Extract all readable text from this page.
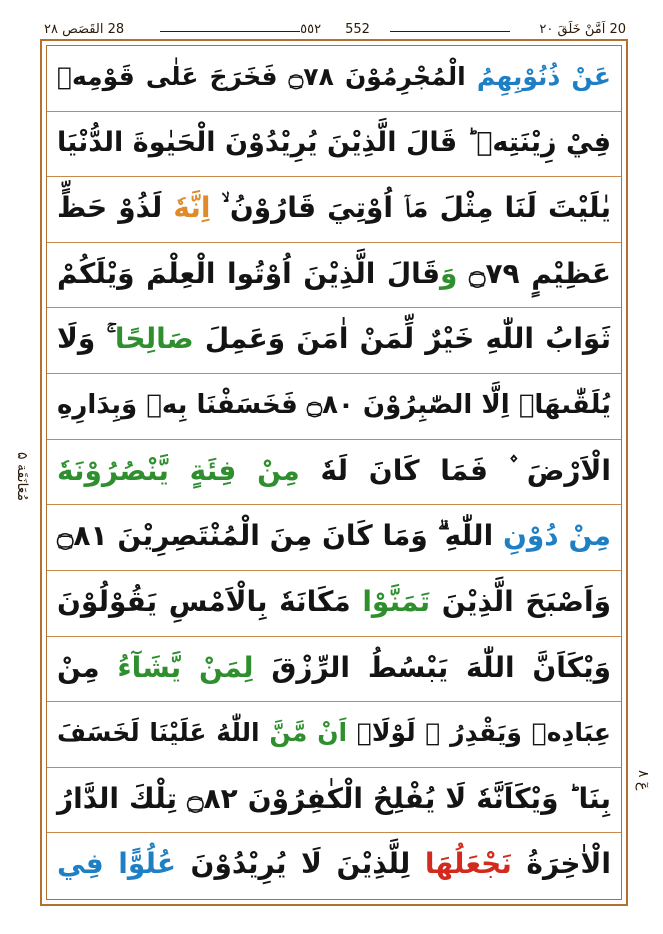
20 اَمَّنْ خَلَقَ ٢٠
٥٥٢ 552
28 القَصَص ٢٨
مُعَانَقَة ۵
عٓ ۸
عَنْ ذُنُوْبِهِمُ الْمُجْرِمُوْنَ ۝٧٨ فَخَرَجَ عَلٰى قَوْمِهٖ
فِيْ زِيْنَتِهٖ ؕ قَالَ الَّذِيْنَ يُرِيْدُوْنَ الْحَيٰوةَ الدُّنْيَا
يٰلَيْتَ لَنَا مِثْلَ مَاۤ اُوْتِيَ قَارُوْنُ ۙ اِنَّهٗ لَذُوْ حَظٍّ
عَظِيْمٍ ۝٧٩ وَقَالَ الَّذِيْنَ اُوْتُوا الْعِلْمَ وَيْلَكُمْ
ثَوَابُ اللّٰهِ خَيْرٌ لِّمَنْ اٰمَنَ وَعَمِلَ صَالِحًا ۚ وَلَا
يُلَقّٰىهَاۤ اِلَّا الصّٰبِرُوْنَ ۝٨٠ فَخَسَفْنَا بِهٖ وَبِدَارِهِ
الْاَرْضَ ۫ فَمَا كَانَ لَهٗ مِنْ فِئَةٍ يَّنْصُرُوْنَهٗ
مِنْ دُوْنِ اللّٰهِ ۗ وَمَا كَانَ مِنَ الْمُنْتَصِرِيْنَ ۝٨١
وَاَصْبَحَ الَّذِيْنَ تَمَنَّوْا مَكَانَهٗ بِالْاَمْسِ يَقُوْلُوْنَ
وَيْكَاَنَّ اللّٰهَ يَبْسُطُ الرِّزْقَ لِمَنْ يَّشَآءُ مِنْ
عِبَادِهٖ وَيَقْدِرُ ۚ لَوْلَاۤ اَنْ مَّنَّ اللّٰهُ عَلَيْنَا لَخَسَفَ
بِنَا ؕ وَيْكَاَنَّهٗ لَا يُفْلِحُ الْكٰفِرُوْنَ ۝٨٢ تِلْكَ الدَّارُ
الْاٰخِرَةُ نَجْعَلُهَا لِلَّذِيْنَ لَا يُرِيْدُوْنَ عُلُوًّا فِي
